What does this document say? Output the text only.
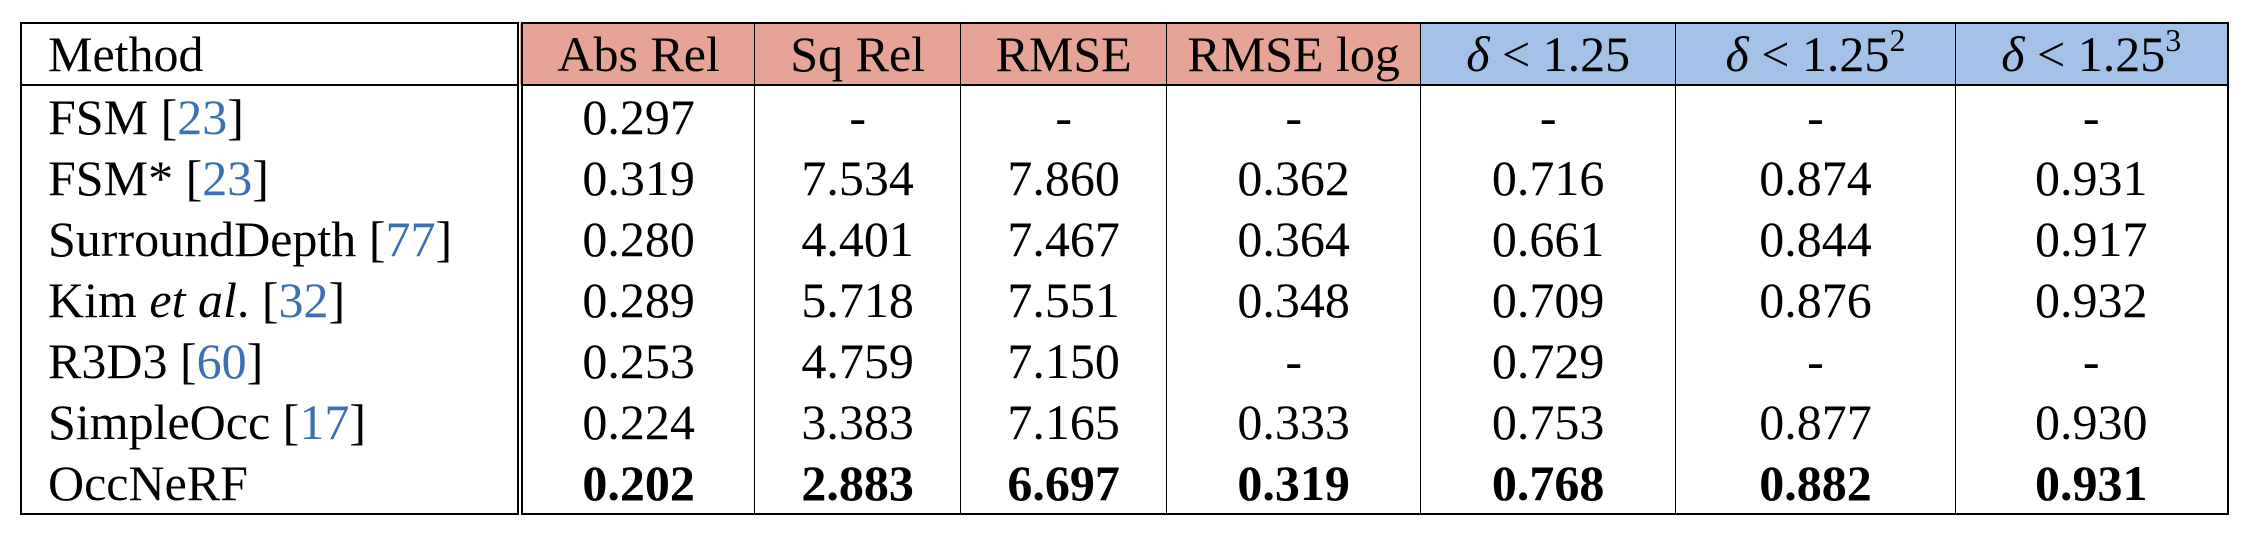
Method	Abs Rel	Sq Rel	RMSE	RMSE log	δ < 1.25	$\delta < 1.25^2$	$\delta < 1.25^3$
FSM [23]	0.297	-	-	-	-	-	-
FSM* [23]	0.319	7.534	7.860	0.362	0.716	0.874	0.931
SurroundDepth [77]	0.280	4.401	7.467	0.364	0.661	0.844	0.917
Kim et al. [32]	0.289	5.718	7.551	0.348	0.709	0.876	0.932
R3D3 [60]	0.253	4.759	7.150	-	0.729	-	-
SimpleOcc [17]	0.224	3.383	7.165	0.333	0.753	0.877	0.930
OccNeRF	0.202	2.883	6.697	0.319	0.768	0.882	0.931
